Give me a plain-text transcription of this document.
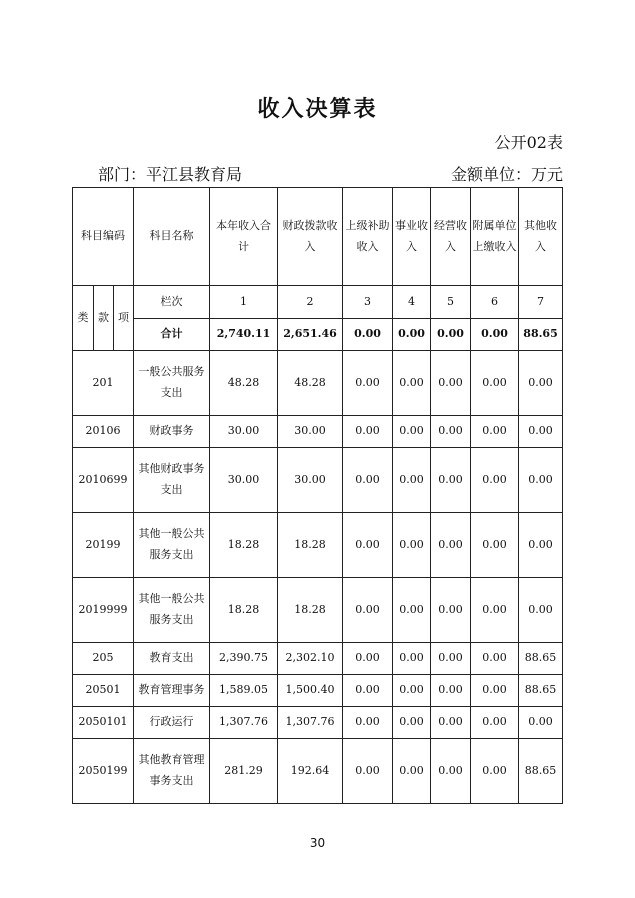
收入决算表
公开02表
部门：平江县教育局	金额单位：万元
科目编码			科目名称	本年收入合计	财政拨款收入	上级补助收入	事业收入	经营收入	附属单位上缴收入	其他收入
类	款	项	栏次	1	2	3	4	5	6	7
			合计	2,740.11	2,651.46	0.00	0.00	0.00	0.00	88.65
201			一般公共服务支出	48.28	48.28	0.00	0.00	0.00	0.00	0.00
20106			财政事务	30.00	30.00	0.00	0.00	0.00	0.00	0.00
2010699			其他财政事务支出	30.00	30.00	0.00	0.00	0.00	0.00	0.00
20199			其他一般公共服务支出	18.28	18.28	0.00	0.00	0.00	0.00	0.00
2019999			其他一般公共服务支出	18.28	18.28	0.00	0.00	0.00	0.00	0.00
205			教育支出	2,390.75	2,302.10	0.00	0.00	0.00	0.00	88.65
20501			教育管理事务	1,589.05	1,500.40	0.00	0.00	0.00	0.00	88.65
2050101			行政运行	1,307.76	1,307.76	0.00	0.00	0.00	0.00	0.00
2050199			其他教育管理事务支出	281.29	192.64	0.00	0.00	0.00	0.00	88.65
30
